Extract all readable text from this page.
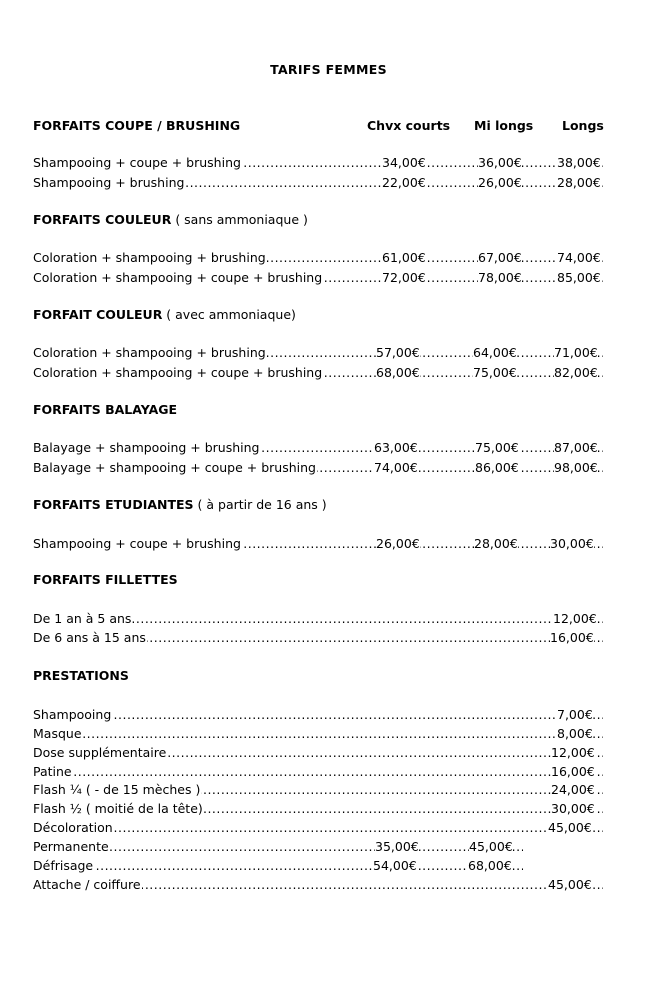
TARIFS FEMMES
FORFAITS COUPE / BRUSHING	Chvx courts Mi longs Longs
.....
Shampooing + coupe + brushing	34,00€	36,00€	38,00€
.....
Shampooing + brushing	22,00€	26,00€	28,00€
FORFAITS COULEUR ( sans ammoniaque )
.....
Coloration + shampooing + brushing	61,00€	67,00€	74,00€
.....
Coloration + shampooing + coupe + brushing	72,00€	78,00€	85,00€
FORFAIT COULEUR ( avec ammoniaque)
.....
Coloration + shampooing + brushing	57,00€	64,00€	71,00€
.....
Coloration + shampooing + coupe + brushing	68,00€	75,00€	82,00€
FORFAITS BALAYAGE
.....
Balayage + shampooing + brushing	63,00€	75,00€	87,00€
.....
Balayage + shampooing + coupe + brushing	74,00€	86,00€	98,00€
FORFAITS ETUDIANTES ( à partir de 16 ans )
.....
Shampooing + coupe + brushing	26,00€	28,00€	30,00€
FORFAITS FILLETTES
.....
De 1 an à 5 ans	12,00€
.....
De 6 ans à 15 ans	16,00€
PRESTATIONS
.....
Shampooing	7,00€
.....
Masque	8,00€
.....
Dose supplémentaire	12,00€
.....
Patine	16,00€
.....
Flash ¼ ( - de 15 mèches )	24,00€
.....
Flash ½ ( moitié de la tête)	30,00€
.....
Décoloration	45,00€
.....
Permanente	35,00€	45,00€
.....
Défrisage	54,00€	68,00€
.....
Attache / coiffure	45,00€
